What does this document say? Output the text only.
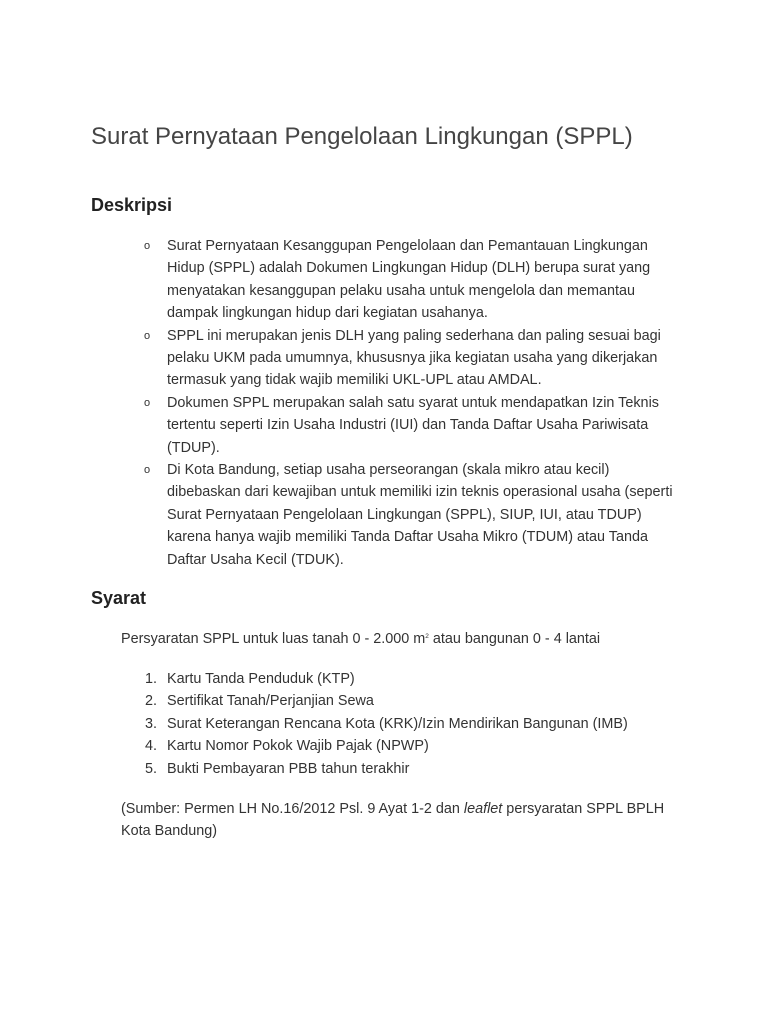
Surat Pernyataan Pengelolaan Lingkungan (SPPL)
Deskripsi
o Surat Pernyataan Kesanggupan Pengelolaan dan Pemantauan Lingkungan
Hidup (SPPL) adalah Dokumen Lingkungan Hidup (DLH) berupa surat yang
menyatakan kesanggupan pelaku usaha untuk mengelola dan memantau
dampak lingkungan hidup dari kegiatan usahanya.
o SPPL ini merupakan jenis DLH yang paling sederhana dan paling sesuai bagi
pelaku UKM pada umumnya, khususnya jika kegiatan usaha yang dikerjakan
termasuk yang tidak wajib memiliki UKL-UPL atau AMDAL.
o Dokumen SPPL merupakan salah satu syarat untuk mendapatkan Izin Teknis
tertentu seperti Izin Usaha Industri (IUI) dan Tanda Daftar Usaha Pariwisata
(TDUP).
o Di Kota Bandung, setiap usaha perseorangan (skala mikro atau kecil)
dibebaskan dari kewajiban untuk memiliki izin teknis operasional usaha (seperti
Surat Pernyataan Pengelolaan Lingkungan (SPPL), SIUP, IUI, atau TDUP)
karena hanya wajib memiliki Tanda Daftar Usaha Mikro (TDUM) atau Tanda
Daftar Usaha Kecil (TDUK).
Syarat
Persyaratan SPPL untuk luas tanah 0 - 2.000 $m^2$ atau bangunan 0 - 4 lantai
1. Kartu Tanda Penduduk (KTP)
2. Sertifikat Tanah/Perjanjian Sewa
3. Surat Keterangan Rencana Kota (KRK)/Izin Mendirikan Bangunan (IMB)
4. Kartu Nomor Pokok Wajib Pajak (NPWP)
5. Bukti Pembayaran PBB tahun terakhir
(Sumber: Permen LH No.16/2012 Psl. 9 Ayat 1-2 dan leaflet persyaratan SPPL BPLH
Kota Bandung)
